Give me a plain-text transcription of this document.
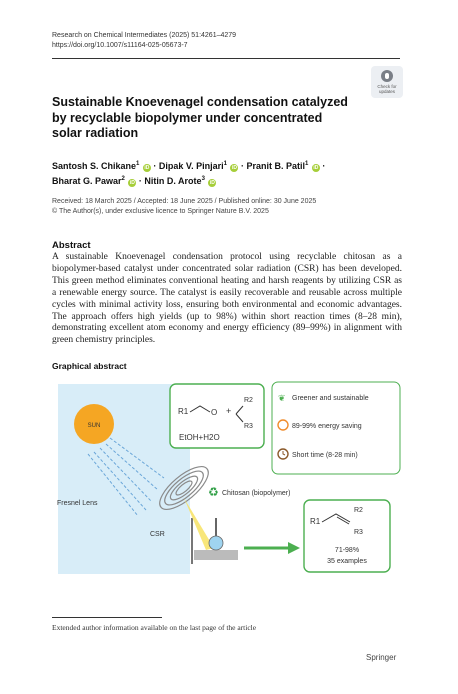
Research on Chemical Intermediates (2025) 51:4261–4279
https://doi.org/10.1007/s11164-025-05673-7
Check for
updates
Sustainable Knoevenagel condensation catalyzed by recyclable biopolymer under concentrated solar radiation
Santosh S. Chikane$^1$ iD · Dipak V. Pinjari$^1$ iD · Pranit B. Patil$^1$ iD ·
Bharat G. Pawar$^2$ iD · Nitin D. Arote$^3$ iD
Received: 18 March 2025 / Accepted: 18 June 2025 / Published online: 30 June 2025
© The Author(s), under exclusive licence to Springer Nature B.V. 2025
Abstract
A sustainable Knoevenagel condensation protocol using recyclable chitosan as a biopolymer-based catalyst under concentrated solar radiation (CSR) has been developed. This green method eliminates conventional heating and harsh reagents by utilizing CSR as a renewable energy source. The catalyst is easily recoverable and reusable across multiple cycles with minimal activity loss, ensuring both environmental and economic advantages. The approach offers high yields (up to 98%) within short reaction times (8–28 min), demonstrating excellent atom economy and energy efficiency (89–99%) in alignment with green chemistry principles.
Graphical abstract
SUN
Fresnel Lens
CSR
♻ Chitosan (biopolymer)
R1	O +
R2
R3
EtOH+H2O
❦ Greener and sustainable
89-99% energy saving
Short time (8-28 min)
R1
R2
R3
71-98%
35 examples
Extended author information available on the last page of the article
Springer
